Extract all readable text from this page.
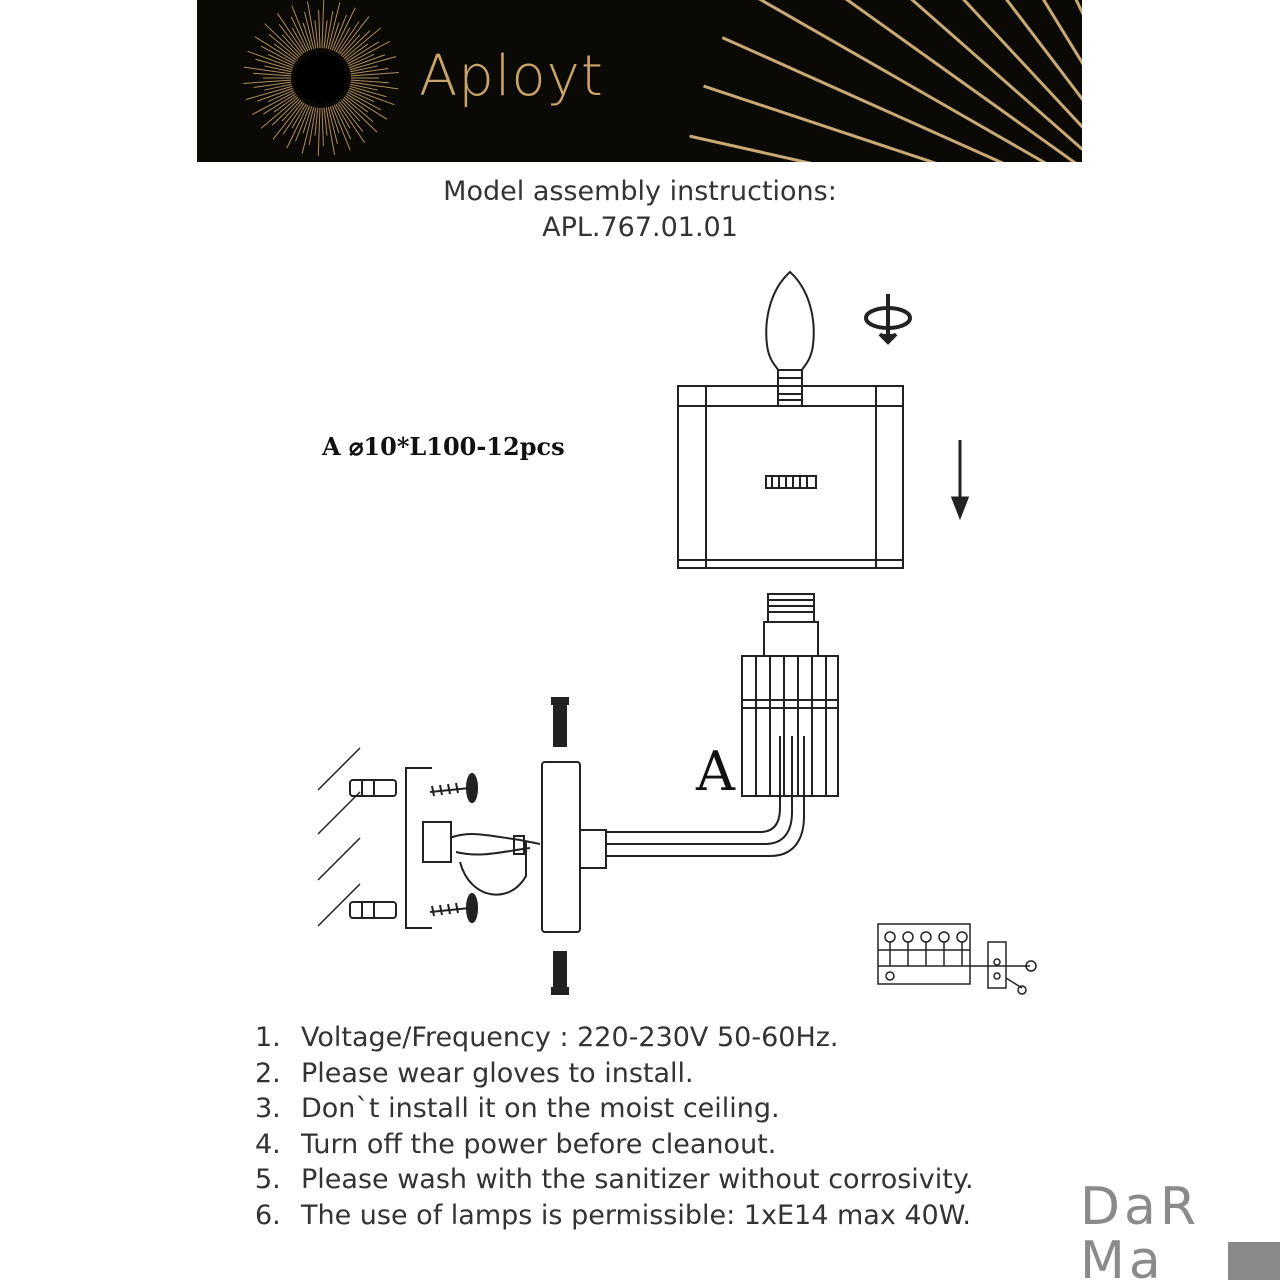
Aployt
Model assembly instructions:
APL.767.01.01
A ⌀10*L100-12pcs
A
1. Voltage/Frequency : 220-230V 50-60Hz.
2. Please wear gloves to install.
3. Don`t install it on the moist ceiling.
4. Turn off the power before cleanout.
5. Please wash with the sanitizer without corrosivity.
6. The use of lamps is permissible: 1xE14 max 40W. DaR
Ma
